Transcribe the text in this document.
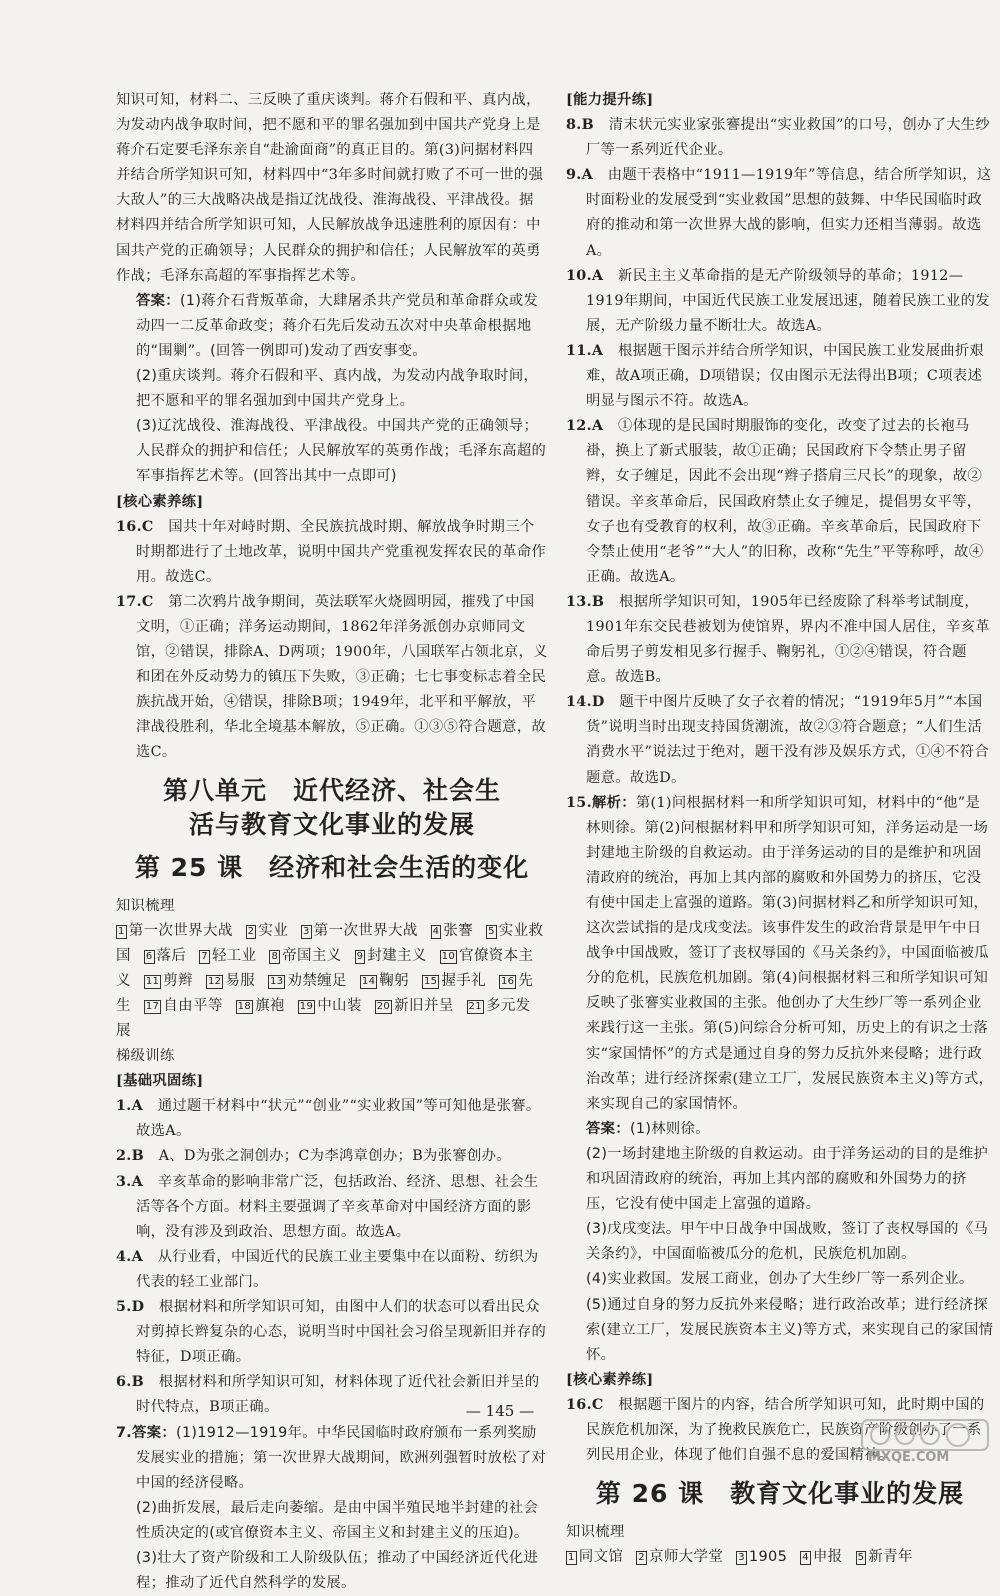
知识可知，材料二、三反映了重庆谈判。蒋介石假和平、真内战，为发动内战争取时间，把不愿和平的罪名强加到中国共产党身上是蒋介石定要毛泽东亲自“赴渝面商”的真正目的。第(3)问据材料四并结合所学知识可知，材料四中“3年多时间就打败了不可一世的强大敌人”的三大战略决战是指辽沈战役、淮海战役、平津战役。据材料四并结合所学知识可知，人民解放战争迅速胜利的原因有：中国共产党的正确领导；人民群众的拥护和信任；人民解放军的英勇作战；毛泽东高超的军事指挥艺术等。

答案：(1)蒋介石背叛革命，大肆屠杀共产党员和革命群众或发动四一二反革命政变；蒋介石先后发动五次对中央革命根据地的“围剿”。(回答一例即可)发动了西安事变。

(2)重庆谈判。蒋介石假和平、真内战，为发动内战争取时间，把不愿和平的罪名强加到中国共产党身上。

(3)辽沈战役、淮海战役、平津战役。中国共产党的正确领导；人民群众的拥护和信任；人民解放军的英勇作战；毛泽东高超的军事指挥艺术等。(回答出其中一点即可)

[核心素养练]

16.C　 国共十年对峙时期、全民族抗战时期、解放战争时期三个时期都进行了土地改革，说明中国共产党重视发挥农民的革命作用。故选C。

17.C　 第二次鸦片战争期间，英法联军火烧圆明园，摧残了中国文明，①正确；洋务运动期间，1862年洋务派创办京师同文馆，②错误，排除A、D两项；1900年，八国联军占领北京，义和团在外反动势力的镇压下失败，③正确；七七事变标志着全民族抗战开始，④错误，排除B项；1949年，北平和平解放，平津战役胜利，华北全境基本解放，⑤正确。①③⑤符合题意，故选C。

第八单元　近代经济、社会生
活与教育文化事业的发展
第 25 课　经济和社会生活的变化

知识梳理

1 第一次世界大战 2 实业 3 第一次世界大战 4 张謇 5 实业救国 6 落后 7 轻工业 8 帝国主义 9 封建主义 10 官僚资本主义 11 剪辫 12 易服 13 劝禁缠足 14 鞠躬 15 握手礼 16 先生 17 自由平等 18 旗袍 19 中山装 20 新旧并呈 21 多元发展

梯级训练

[基础巩固练]

1.A　 通过题干材料中“状元”“创业”“实业救国”等可知他是张謇。故选A。

2.B　 A、D为张之洞创办；C为李鸿章创办；B为张謇创办。

3.A　 辛亥革命的影响非常广泛，包括政治、经济、思想、社会生活等各个方面。材料主要强调了辛亥革命对中国经济方面的影响，没有涉及到政治、思想方面。故选A。

4.A　 从行业看，中国近代的民族工业主要集中在以面粉、纺织为代表的轻工业部门。

5.D　 根据材料和所学知识可知，由图中人们的状态可以看出民众对剪掉长辫复杂的心态，说明当时中国社会习俗呈现新旧并存的特征，D项正确。

6.B　 根据材料和所学知识可知，材料体现了近代社会新旧并呈的时代特点，B项正确。

7.答案：(1)1912—1919年。中华民国临时政府颁布一系列奖励发展实业的措施；第一次世界大战期间，欧洲列强暂时放松了对中国的经济侵略。

(2)曲折发展，最后走向萎缩。是由中国半殖民地半封建的社会性质决定的(或官僚资本主义、帝国主义和封建主义的压迫)。

(3)壮大了资产阶级和工人阶级队伍；推动了中国经济近代化进程；推动了近代自然科学的发展。

[能力提升练]

8.B　 清末状元实业家张謇提出“实业救国”的口号，创办了大生纱厂等一系列近代企业。

9.A　 由题干表格中“1911—1919年”等信息，结合所学知识，这时面粉业的发展受到“实业救国”思想的鼓舞、中华民国临时政府的推动和第一次世界大战的影响，但实力还相当薄弱。故选A。

10.A　 新民主主义革命指的是无产阶级领导的革命；1912—1919年期间，中国近代民族工业发展迅速，随着民族工业的发展，无产阶级力量不断壮大。故选A。

11.A　 根据题干图示并结合所学知识，中国民族工业发展曲折艰难，故A项正确，D项错误；仅由图示无法得出B项；C项表述明显与图示不符。故选A。

12.A　 ①体现的是民国时期服饰的变化，改变了过去的长袍马褂，换上了新式服装，故①正确；民国政府下令禁止男子留辫，女子缠足，因此不会出现“辫子搭肩三尺长”的现象，故②错误。辛亥革命后，民国政府禁止女子缠足，提倡男女平等，女子也有受教育的权利，故③正确。辛亥革命后，民国政府下令禁止使用“老爷”“大人”的旧称，改称“先生”平等称呼，故④正确。故选A。

13.B　 根据所学知识可知，1905年已经废除了科举考试制度，1901年东交民巷被划为使馆界，界内不准中国人居住，辛亥革命后男子剪发相见多行握手、鞠躬礼，①②④错误，符合题意。故选B。

14.D　 题干中图片反映了女子衣着的情况；“1919年5月”“本国货”说明当时出现支持国货潮流，故②③符合题意；“人们生活消费水平”说法过于绝对，题干没有涉及娱乐方式，①④不符合题意。故选D。

15.解析：第(1)问根据材料一和所学知识可知，材料中的“他”是林则徐。第(2)问根据材料甲和所学知识可知，洋务运动是一场封建地主阶级的自救运动。由于洋务运动的目的是维护和巩固清政府的统治，再加上其内部的腐败和外国势力的挤压，它没有使中国走上富强的道路。第(3)问据材料乙和所学知识可知，这次尝试指的是戊戌变法。该事件发生的政治背景是甲午中日战争中国战败，签订了丧权辱国的《马关条约》，中国面临被瓜分的危机，民族危机加剧。第(4)问根据材料三和所学知识可知反映了张謇实业救国的主张。他创办了大生纱厂等一系列企业来践行这一主张。第(5)问综合分析可知，历史上的有识之士落实“家国情怀”的方式是通过自身的努力反抗外来侵略；进行政治改革；进行经济探索(建立工厂，发展民族资本主义)等方式，来实现自己的家国情怀。

答案：(1)林则徐。

(2)一场封建地主阶级的自救运动。由于洋务运动的目的是维护和巩固清政府的统治，再加上其内部的腐败和外国势力的挤压，它没有使中国走上富强的道路。

(3)戊戌变法。甲午中日战争中国战败，签订了丧权辱国的《马关条约》，中国面临被瓜分的危机，民族危机加剧。

(4)实业救国。发展工商业，创办了大生纱厂等一系列企业。

(5)通过自身的努力反抗外来侵略；进行政治改革；进行经济探索(建立工厂，发展民族资本主义)等方式，来实现自己的家国情怀。

[核心素养练]

16.C　 根据题干图片的内容，结合所学知识可知，此时期中国的民族危机加深，为了挽救民族危亡，民族资产阶级创办了一系列民用企业，体现了他们自强不息的爱国精神。

第 26 课　教育文化事业的发展

知识梳理

1 同文馆 2 京师大学堂 3 1905 4 申报 5 新青年

— 145 —
MXQE.COM
